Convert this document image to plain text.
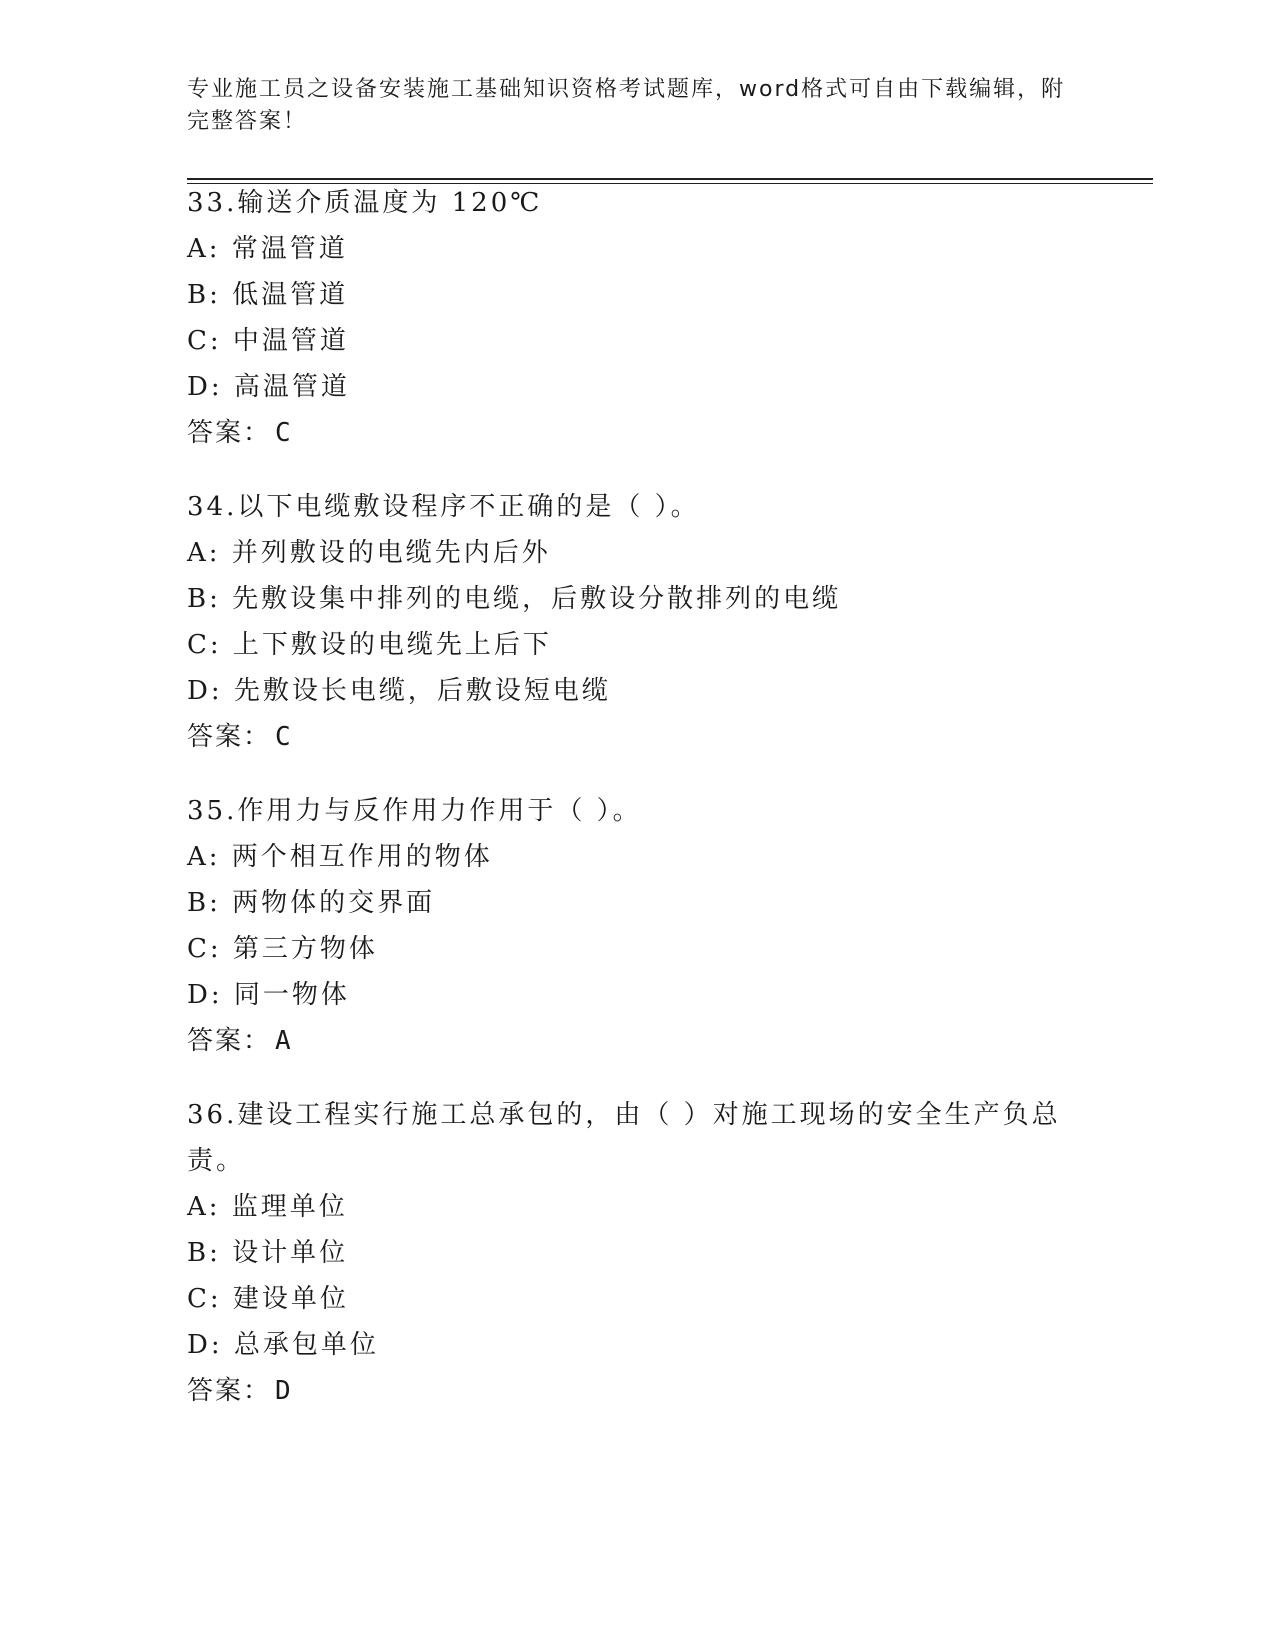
专业施工员之设备安装施工基础知识资格考试题库，word格式可自由下载编辑，附完整答案！

33.输送介质温度为 120℃

A: 常温管道

B: 低温管道

C: 中温管道

D: 高温管道

答案： C

34.以下电缆敷设程序不正确的是（ ）。

A: 并列敷设的电缆先内后外

B: 先敷设集中排列的电缆，后敷设分散排列的电缆

C: 上下敷设的电缆先上后下

D: 先敷设长电缆，后敷设短电缆

答案： C

35.作用力与反作用力作用于（ ）。

A: 两个相互作用的物体

B: 两物体的交界面

C: 第三方物体

D: 同一物体

答案： A

36.建设工程实行施工总承包的，由（ ）对施工现场的安全生产负总责。

A: 监理单位

B: 设计单位

C: 建设单位

D: 总承包单位

答案： D
